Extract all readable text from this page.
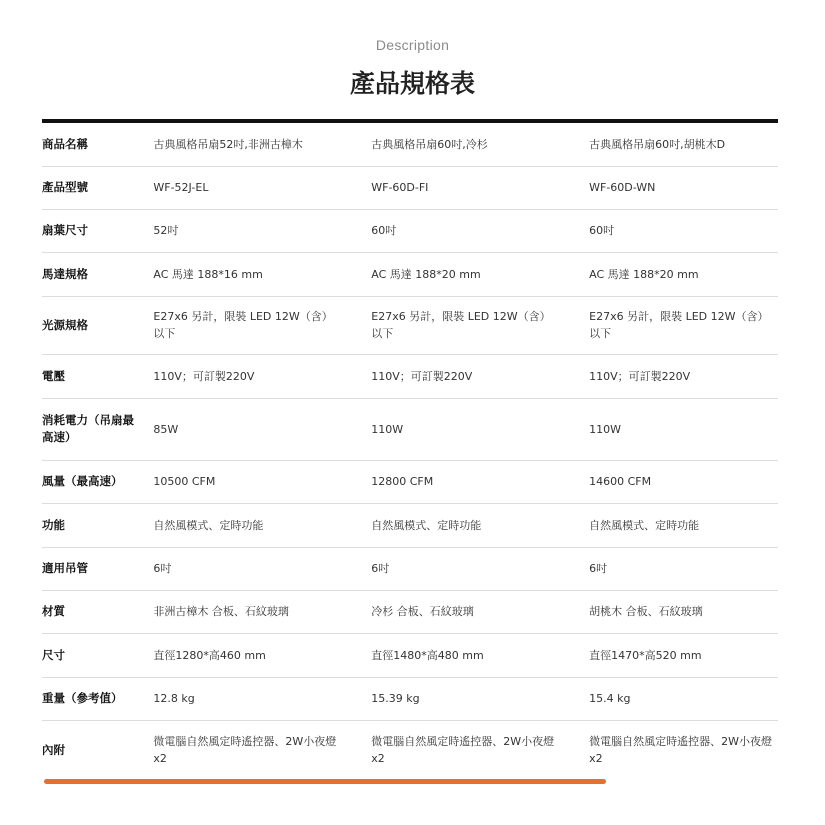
Description
產品規格表
商品名稱	古典風格吊扇52吋,非洲古樟木	古典風格吊扇60吋,冷杉	古典風格吊扇60吋,胡桃木D
產品型號	WF-52J-EL	WF-60D-FI	WF-60D-WN
扇葉尺寸	52吋	60吋	60吋
馬達規格	AC 馬達 188*16 mm	AC 馬達 188*20 mm	AC 馬達 188*20 mm
光源規格	E27x6 另計，限裝 LED 12W（含）以下	E27x6 另計，限裝 LED 12W（含）以下	E27x6 另計，限裝 LED 12W（含）以下
電壓	110V；可訂製220V	110V；可訂製220V	110V；可訂製220V
消耗電力（吊扇最高速）	85W	110W	110W
風量（最高速）	10500 CFM	12800 CFM	14600 CFM
功能	自然風模式、定時功能	自然風模式、定時功能	自然風模式、定時功能
適用吊管	6吋	6吋	6吋
材質	非洲古樟木 合板、石紋玻璃	冷杉 合板、石紋玻璃	胡桃木 合板、石紋玻璃
尺寸	直徑1280*高460 mm	直徑1480*高480 mm	直徑1470*高520 mm
重量（參考值）	12.8 kg	15.39 kg	15.4 kg
內附	微電腦自然風定時遙控器、2W小夜燈x2	微電腦自然風定時遙控器、2W小夜燈x2	微電腦自然風定時遙控器、2W小夜燈x2
